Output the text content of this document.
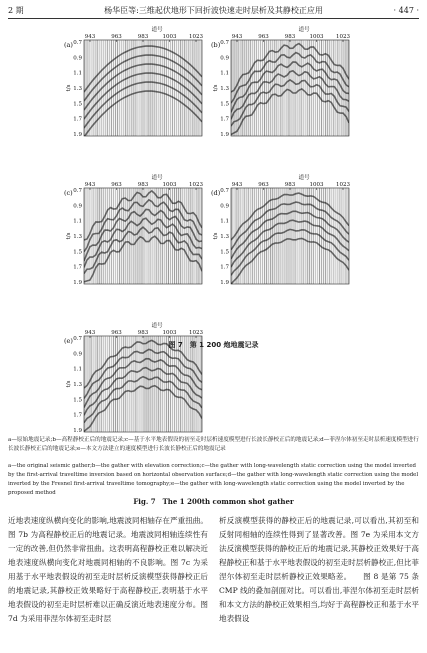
2 期	杨华臣等:三维起伏地形下回折波快速走时层析及其静校正应用	· 447 ·
(a)
943	963	983	1003 1023
道号
0.7
0.9
1.1
1.3
1.5
1.7
1.9
t/s
(b)
943	963	983	1003 1023
道号
0.7
0.9
1.1
1.3
1.5
1.7
1.9
t/s
(c)
943	963	983	1003 1023
道号
0.7
0.9
1.1
1.3
1.5
1.7
1.9
t/s
(d)
943	963	983	1003 1023
道号
0.7
0.9
1.1
1.3
1.5
1.7
1.9
t/s
(e)
943	963	983	1003 1023
道号
0.7
0.9
1.1
1.3
1.5
1.7
1.9
t/s
图 7　第 1 200 炮地震记录
a—原始地震记录;b—高程静校正后的地震记录;c—基于水平地表假设的初至走时层析速度模型进行长波长静校正后的地震记录;d—菲涅尔体初至走时层析速度模型进行长波长静校正后的地震记录;e—本文方法建立的速度模型进行长波长静校正后的地震记录
a—the original seismic gather;b—the gather with elevation correction;c—the gather with long-wavelength static correction using the model inverted by the first-arrival traveltime inversion based on horizontal observation surface;d—the gather with long-wavelength static correction using the model inverted by the Fresnel first-arrival traveltime tomography;e—the gather with long-wavelength static correction using the model inverted by the proposed method
Fig. 7　The 1 200th common shot gather
近地表速度纵横向变化的影响,地震波同相轴存在严重扭曲。图 7b 为高程静校正后的地震记录。地震波同相轴连续性有一定的改善,但仍然非常扭曲。这表明高程静校正难以解决近地表速度纵横向变化对地震同相轴的不良影响。图 7c 为采用基于水平地表假设的初至走时层析反演模型获得静校正后的地震记录,其静校正效果略好于高程静校正,表明基于水平地表假设的初至走时层析难以正确反演近地表速度分布。图 7d 为采用菲涅尔体初至走时层
析反演模型获得的静校正后的地震记录,可以看出,其初至和反射同相轴的连续性得到了显著改善。图 7e 为采用本文方法反演模型获得的静校正后的地震记录,其静校正效果好于高程静校正和基于水平地表假设的初至走时层析静校正,但比菲涅尔体初至走时层析静校正效果略差。　　图 8 是第 75 条 CMP 线的叠加剖面对比。可以看出,菲涅尔体初至走时层析和本文方法的静校正效果相当,均好于高程静校正和基于水平地表假设
